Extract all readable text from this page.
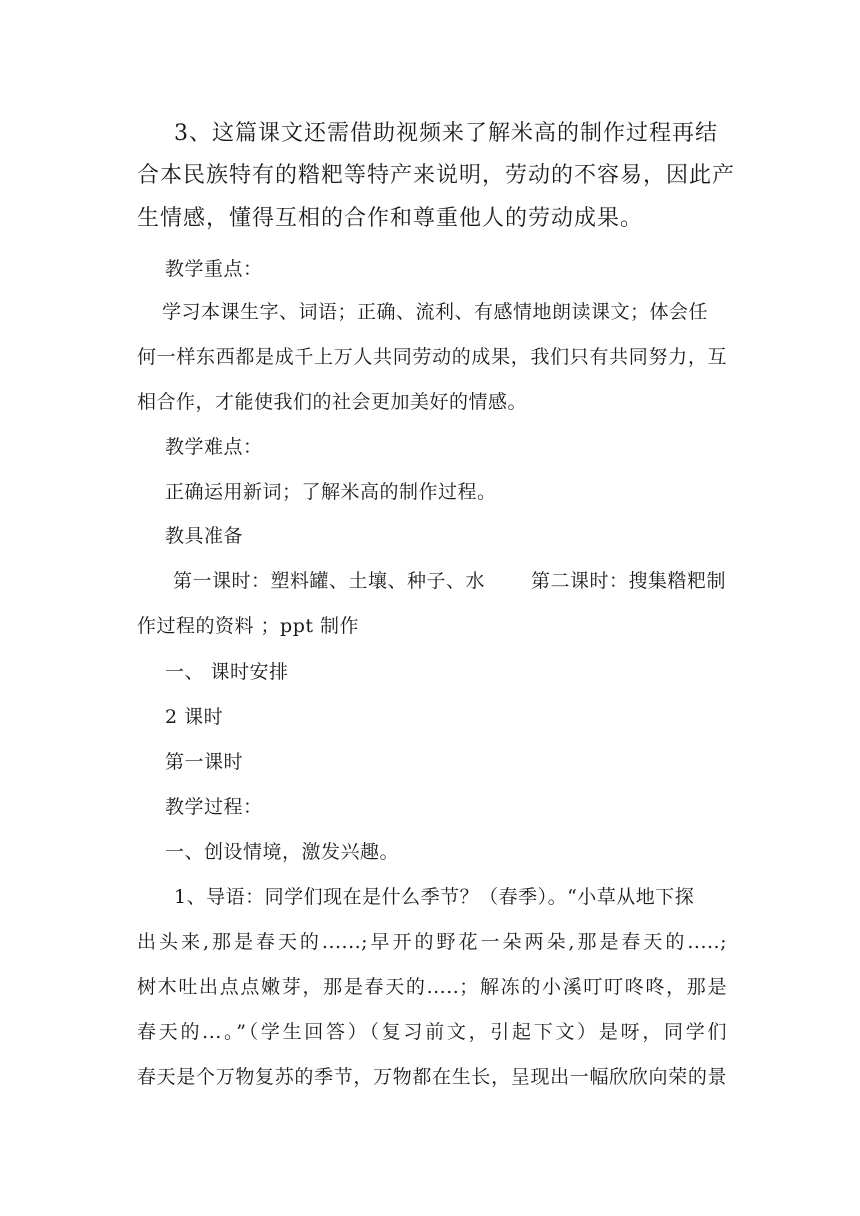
3、这篇课文还需借助视频来了解米高的制作过程再结
合本民族特有的糌粑等特产来说明，劳动的不容易，因此产
生情感，懂得互相的合作和尊重他人的劳动成果。
教学重点：
学习本课生字、词语；正确、流利、有感情地朗读课文；体会任
何一样东西都是成千上万人共同劳动的成果，我们只有共同努力，互
相合作，才能使我们的社会更加美好的情感。
教学难点：
正确运用新词；了解米高的制作过程。
教具准备
第一课时：塑料罐、土壤、种子、水 第二课时：搜集糌粑制
作过程的资料 ；ppt 制作
一、 课时安排
2 课时
第一课时
教学过程：
一、创设情境，激发兴趣。
1、导语：同学们现在是什么季节？（春季）。“小草从地下探
出头来,那是春天的......;早开的野花一朵两朵,那是春天的.....;
树木吐出点点嫩芽，那是春天的.....；解冻的小溪叮叮咚咚，那是
春天的...。”（学生回答）（复习前文，引起下文）是呀，同学们
春天是个万物复苏的季节，万物都在生长，呈现出一幅欣欣向荣的景
